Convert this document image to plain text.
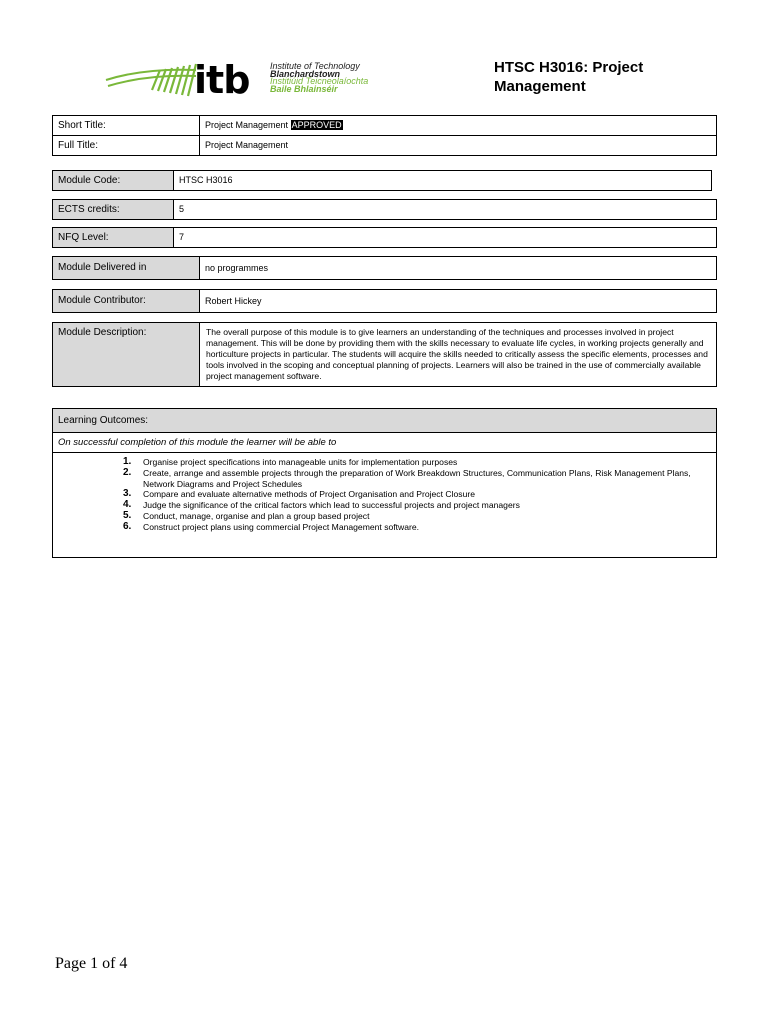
itb Institute of Technology
Blanchardstown
Institiúid Teicneolaíochta
Baile Bhlainséir
HTSC H3016: Project
Management
Short Title:	Project Management APPROVED
Full Title:	Project Management
Module Code:	HTSC H3016
ECTS credits:	5
NFQ Level:	7
Module Delivered in	no programmes
Module Contributor:	Robert Hickey
Module Description:	The overall purpose of this module is to give learners an understanding of the techniques and processes involved in project management. This will be done by providing them with the skills necessary to evaluate life cycles, in working projects generally and horticulture projects in particular. The students will acquire the skills needed to critically assess the specific elements, processes and tools involved in the scoping and conceptual planning of projects. Learners will also be trained in the use of commercially available project management software.
Learning Outcomes:
On successful completion of this module the learner will be able to
1.	Organise project specifications into manageable units for implementation purposes
2.	Create, arrange and assemble projects through the preparation of Work Breakdown Structures, Communication Plans, Risk Management Plans, Network Diagrams and Project Schedules
3.	Compare and evaluate alternative methods of Project Organisation and Project Closure
4.	Judge the significance of the critical factors which lead to successful projects and project managers
5.	Conduct, manage, organise and plan a group based project
6.	Construct project plans using commercial Project Management software.
Page 1 of 4
